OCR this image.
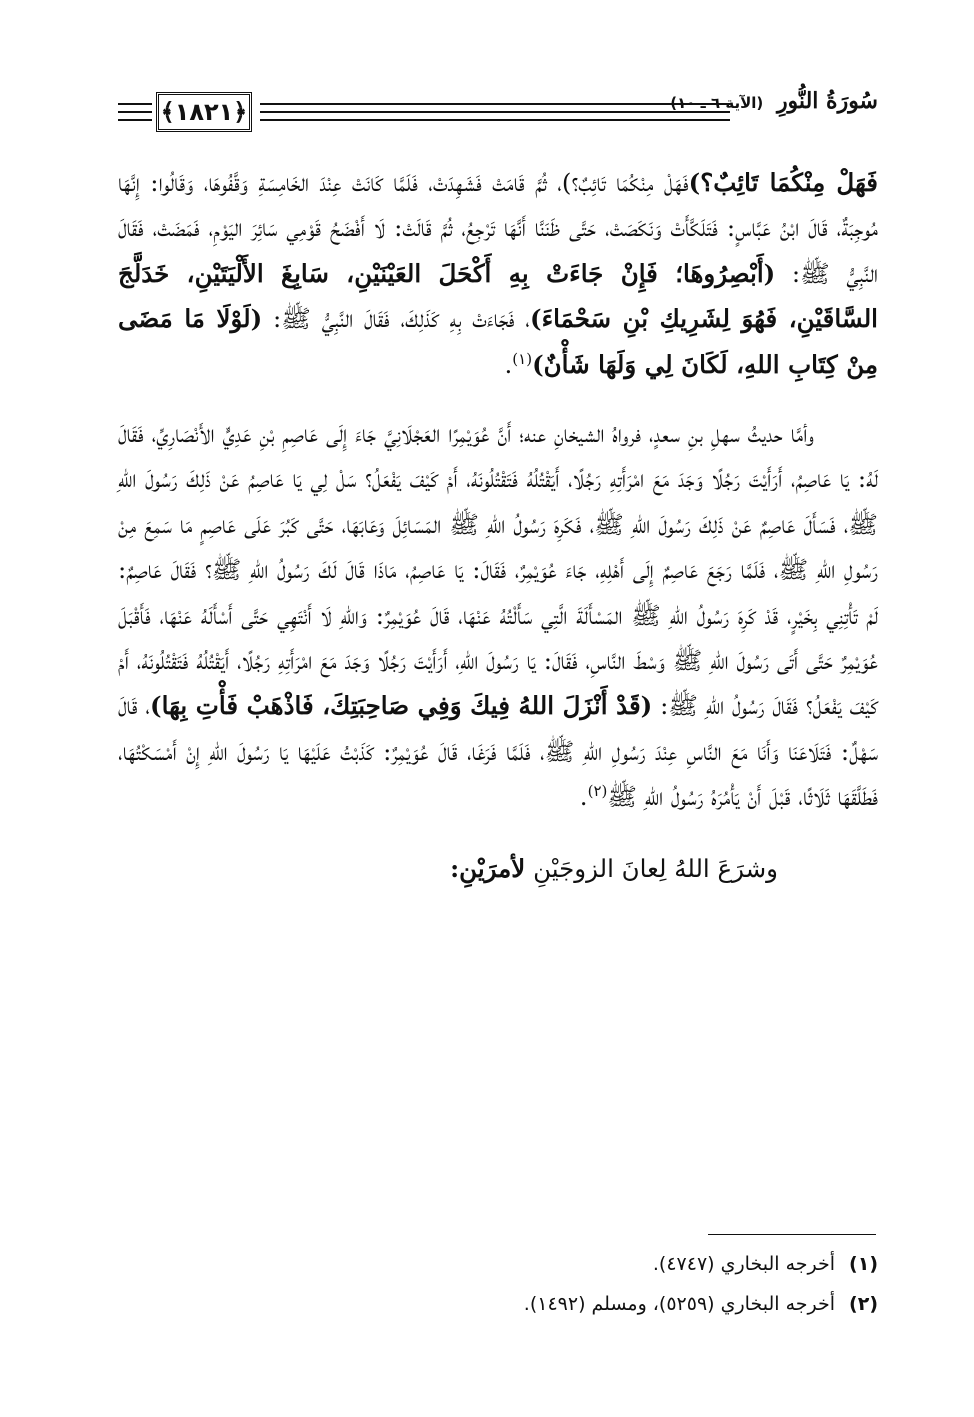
﴿١٨٢١﴾	سُورَةُ النُّورِ (الآية ٦ ـ ١٠)

فَهَلْ مِنْكُمَا تَائِبٌ؟)فَهَلْ مِنْكُمَا تَائِبٌ؟)، ثُمَّ قَامَتْ فَشَهِدَتْ، فَلَمَّا كَانَتْ عِنْدَ الخَامِسَةِ وَقَّفُوهَا، وَقَالُوا: إِنَّهَا مُوجِبَةٌ، قَالَ ابْنُ عَبَّاسٍ: فَتَلَكَّأَتْ وَنَكَصَتْ، حَتَّى ظَنَنَّا أَنَّهَا تَرْجِعُ، ثُمَّ قَالَتْ: لَا أَفْضَحُ قَوْمِي سَائِرَ اليَوْمِ، فَمَضَتْ، فَقَالَ النَّبِيُّ ﷺ: (أَبْصِرُوهَا؛ فَإِنْ جَاءَتْ بِهِ أَكْحَلَ العَيْنَيْنِ، سَابِغَ الأَلْيَتَيْنِ، خَدَلَّجَ السَّاقَيْنِ، فَهُوَ لِشَرِيكِ بْنِ سَحْمَاءَ)، فَجَاءَتْ بِهِ كَذَلِكَ، فَقَالَ النَّبِيُّ ﷺ: (لَوْلَا مَا مَضَى مِنْ كِتَابِ اللهِ، لَكَانَ لِي وَلَهَا شَأْنٌ)$^{(١)}$.

وأمَّا حديثُ سهلِ بنِ سعدٍ، فرواهُ الشيخانِ عنه؛ أَنَّ عُوَيْمِرًا العَجْلَانِيَّ جَاءَ إِلَى عَاصِمِ بْنِ عَدِيٍّ الأَنْصَارِيِّ، فَقَالَ لَهُ: يَا عَاصِمُ، أَرَأَيْتَ رَجُلًا وَجَدَ مَعَ امْرَأَتِهِ رَجُلًا، أَيَقْتُلُهُ فَتَقْتُلُونَهُ، أَمْ كَيْفَ يَفْعَلُ؟ سَلْ لِي يَا عَاصِمُ عَنْ ذَلِكَ رَسُولَ اللهِ ﷺ، فَسَأَلَ عَاصِمٌ عَنْ ذَلِكَ رَسُولَ اللهِ ﷺ، فَكَرِهَ رَسُولُ اللهِ ﷺ المَسَائِلَ وَعَابَهَا، حَتَّى كَبُرَ عَلَى عَاصِمٍ مَا سَمِعَ مِنْ رَسُولِ اللهِ ﷺ، فَلَمَّا رَجَعَ عَاصِمٌ إِلَى أَهْلِهِ، جَاءَ عُوَيْمِرٌ، فَقَالَ: يَا عَاصِمُ، مَاذَا قَالَ لَكَ رَسُولُ اللهِ ﷺ؟ فَقَالَ عَاصِمٌ: لَمْ تَأْتِنِي بِخَيْرٍ، قَدْ كَرِهَ رَسُولُ اللهِ ﷺ المَسْأَلَةَ الَّتِي سَأَلْتُهُ عَنْهَا، قَالَ عُوَيْمِرٌ: وَاللهِ لَا أَنْتَهِي حَتَّى أَسْأَلَهُ عَنْهَا، فَأَقْبَلَ عُوَيْمِرٌ حَتَّى أَتَى رَسُولَ اللهِ ﷺ وَسْطَ النَّاسِ، فَقَالَ: يَا رَسُولَ اللهِ، أَرَأَيْتَ رَجُلًا وَجَدَ مَعَ امْرَأَتِهِ رَجُلًا، أَيَقْتُلُهُ فَتَقْتُلُونَهُ، أَمْ كَيْفَ يَفْعَلُ؟ فَقَالَ رَسُولُ اللهِ ﷺ: (قَدْ أَنْزَلَ اللهُ فِيكَ وَفِي صَاحِبَتِكَ، فَاذْهَبْ فَأْتِ بِهَا)، قَالَ سَهْلٌ: فَتَلَاعَنَا وَأَنَا مَعَ النَّاسِ عِنْدَ رَسُولِ اللهِ ﷺ، فَلَمَّا فَرَغَا، قَالَ عُوَيْمِرٌ: كَذَبْتُ عَلَيْهَا يَا رَسُولَ اللهِ إِنْ أَمْسَكْتُهَا، فَطَلَّقَهَا ثَلَاثًا، قَبْلَ أَنْ يَأْمُرَهُ رَسُولُ اللهِ ﷺ$^{(٢)}$.

وشرَعَ اللهُ لِعانَ الزوجَيْنِ لأمرَيْنِ:

(١)
أخرجه البخاري (٤٧٤٧).
(٢)
أخرجه البخاري (٥٢٥٩)، ومسلم (١٤٩٢).
